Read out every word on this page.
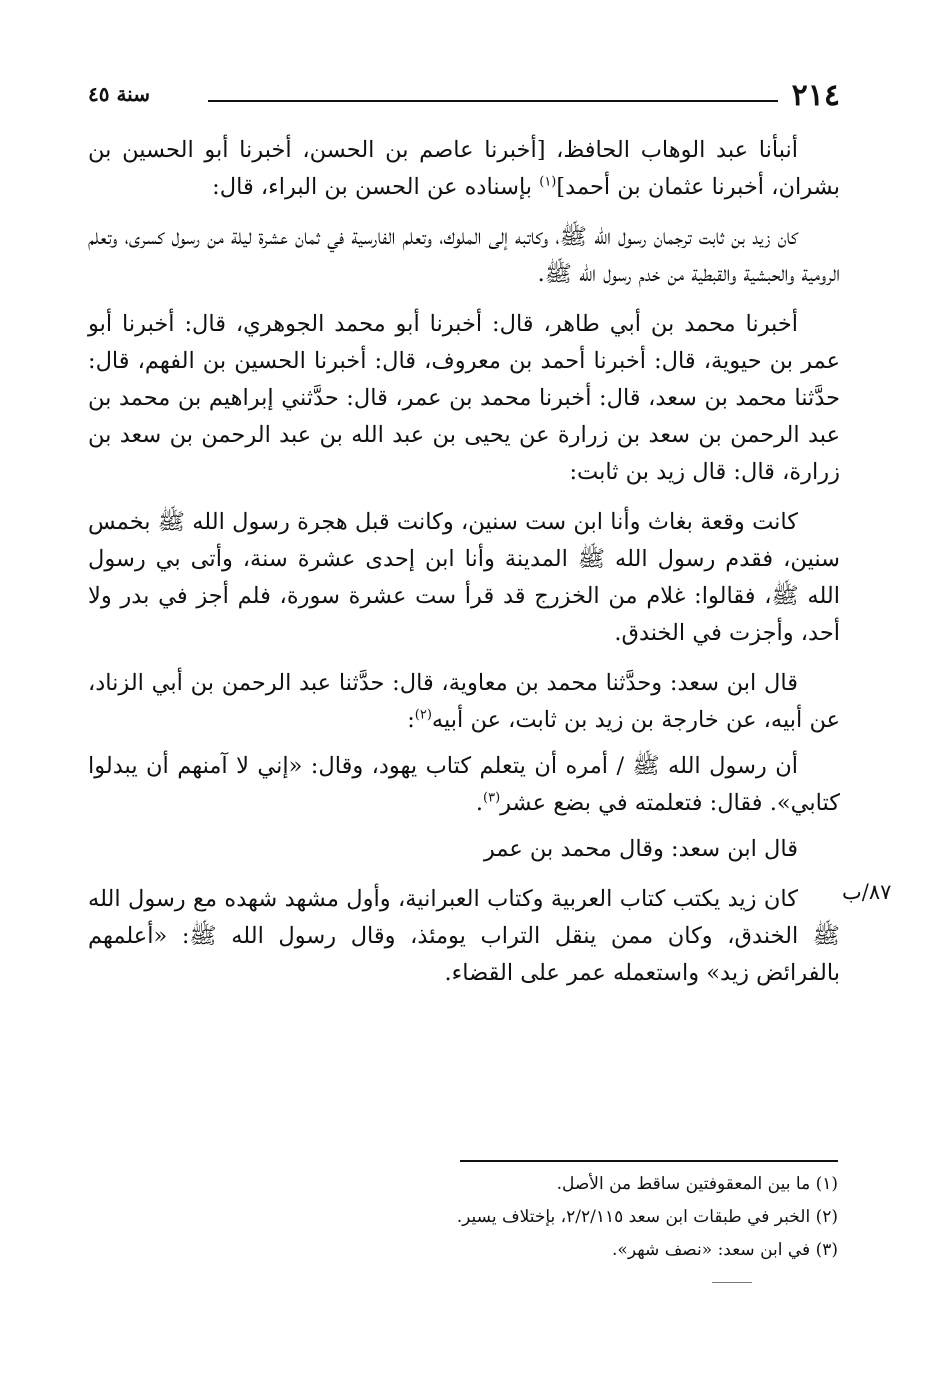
٢١٤
سنة ٤٥

أنبأنا عبد الوهاب الحافظ، [أخبرنا عاصم بن الحسن، أخبرنا أبو الحسين بن بشران، أخبرنا عثمان بن أحمد]$^{(١)}$ بإسناده عن الحسن بن البراء، قال:

كان زيد بن ثابت ترجمان رسول الله ﷺ، وكاتبه إلى الملوك، وتعلم الفارسية في ثمان عشرة ليلة من رسول كسرى، وتعلم الرومية والحبشية والقبطية من خدم رسول الله ﷺ.

أخبرنا محمد بن أبي طاهر، قال: أخبرنا أبو محمد الجوهري، قال: أخبرنا أبو عمر بن حيوية، قال: أخبرنا أحمد بن معروف، قال: أخبرنا الحسين بن الفهم، قال: حدَّثنا محمد بن سعد، قال: أخبرنا محمد بن عمر، قال: حدَّثني إبراهيم بن محمد بن عبد الرحمن بن سعد بن زرارة عن يحيى بن عبد الله بن عبد الرحمن بن سعد بن زرارة، قال: قال زيد بن ثابت:

كانت وقعة بغاث وأنا ابن ست سنين، وكانت قبل هجرة رسول الله ﷺ بخمس سنين، فقدم رسول الله ﷺ المدينة وأنا ابن إحدى عشرة سنة، وأتى بي رسول الله ﷺ، فقالوا: غلام من الخزرج قد قرأ ست عشرة سورة، فلم أجز في بدر ولا أحد، وأجزت في الخندق.

قال ابن سعد: وحدَّثنا محمد بن معاوية، قال: حدَّثنا عبد الرحمن بن أبي الزناد، عن أبيه، عن خارجة بن زيد بن ثابت، عن أبيه$^{(٢)}$:

أن رسول الله ﷺ / أمره أن يتعلم كتاب يهود، وقال: «إني لا آمنهم أن يبدلوا كتابي». فقال: فتعلمته في بضع عشر$^{(٣)}$.

قال ابن سعد: وقال محمد بن عمر

كان زيد يكتب كتاب العربية وكتاب العبرانية، وأول مشهد شهده مع رسول الله ﷺ الخندق، وكان ممن ينقل التراب يومئذ، وقال رسول الله ﷺ: «أعلمهم بالفرائض زيد» واستعمله عمر على القضاء.

٨٧/ب

(١) ما بين المعقوفتين ساقط من الأصل.

(٢) الخبر في طبقات ابن سعد ٢/٢/١١٥، بإختلاف يسير.

(٣) في ابن سعد: «نصف شهر».
